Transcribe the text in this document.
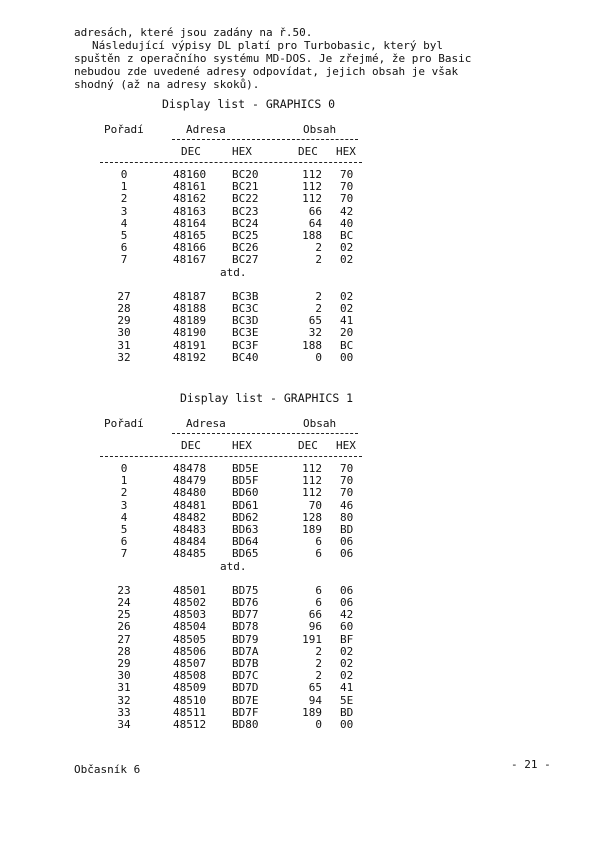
adresách, které jsou zadány na ř.50.
Následující výpisy DL platí pro Turbobasic, který byl
spuštěn z operačního systému MD-DOS. Je zřejmé, že pro Basic
nebudou zde uvedené adresy odpovídat, jejich obsah je však
shodný (až na adresy skoků).
Display list - GRAPHICS 0
Pořadí	Adresa	Obsah
DEC	HEX	DEC HEX
0	48160 BC20	112 70
1	48161 BC21	112 70
2	48162 BC22	112 70
3	48163 BC23	66 42
4	48164 BC24	64 40
5	48165 BC25	188 BC
6	48166 BC26	2 02
7	48167 BC27	2 02
atd.
27	48187 BC3B	2 02
28	48188 BC3C	2 02
29	48189 BC3D	65 41
30	48190 BC3E	32 20
31	48191 BC3F	188 BC
32	48192 BC40	0 00
Display list - GRAPHICS 1
Pořadí	Adresa	Obsah
DEC	HEX	DEC HEX
0	48478 BD5E	112 70
1	48479 BD5F	112 70
2	48480 BD60	112 70
3	48481 BD61	70 46
4	48482 BD62	128 80
5	48483 BD63	189 BD
6	48484 BD64	6 06
7	48485 BD65	6 06
atd.
23	48501 BD75	6 06
24	48502 BD76	6 06
25	48503 BD77	66 42
26	48504 BD78	96 60
27	48505 BD79	191 BF
28	48506 BD7A	2 02
29	48507 BD7B	2 02
30	48508 BD7C	2 02
31	48509 BD7D	65 41
32	48510 BD7E	94 5E
33	48511 BD7F	189 BD
34	48512 BD80	0 00
Občasník 6	- 21 -
